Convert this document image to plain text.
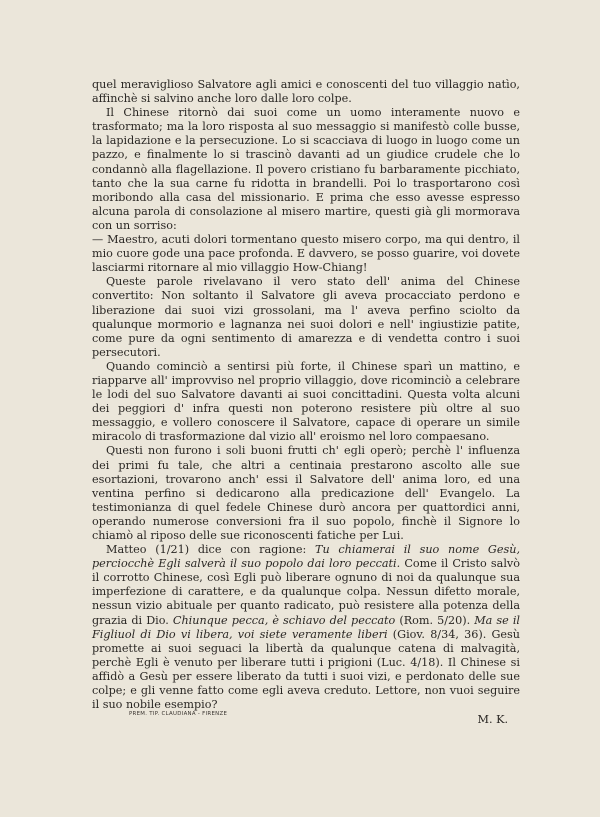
quel meraviglioso Salvatore agli amici e conoscenti del tuo villaggio natìo, affinchè si salvino anche loro dalle loro colpe.

Il Chinese ritornò dai suoi come un uomo interamente nuovo e trasformato; ma la loro risposta al suo messaggio si manifestò colle busse, la lapidazione e la persecuzione. Lo si scacciava di luogo in luogo come un pazzo, e finalmente lo si trascinò davanti ad un giudice crudele che lo condannò alla flagellazione. Il povero cristiano fu barbaramente picchiato, tanto che la sua carne fu ridotta in brandelli. Poi lo trasportarono così moribondo alla casa del missionario. E prima che esso avesse espresso alcuna parola di consolazione al misero martire, questi già gli mormorava con un sorriso:

— Maestro, acuti dolori tormentano questo misero corpo, ma qui dentro, il mio cuore gode una pace profonda. E davvero, se posso guarire, voi dovete lasciarmi ritornare al mio villaggio How-Chiang!

Queste parole rivelavano il vero stato dell' anima del Chinese convertito: Non soltanto il Salvatore gli aveva procacciato perdono e liberazione dai suoi vizi grossolani, ma l' aveva perfino sciolto da qualunque mormorio e lagnanza nei suoi dolori e nell' ingiustizie patite, come pure da ogni sentimento di amarezza e di vendetta contro i suoi persecutori.

Quando cominciò a sentirsi più forte, il Chinese sparì un mattino, e riapparve all' improvviso nel proprio villaggio, dove ricominciò a celebrare le lodi del suo Salvatore davanti ai suoi concittadini. Questa volta alcuni dei peggiori d' infra questi non poterono resistere più oltre al suo messaggio, e vollero conoscere il Salvatore, capace di operare un simile miracolo di trasformazione dal vizio all' eroismo nel loro compaesano.

Questi non furono i soli buoni frutti ch' egli operò; perchè l' influenza dei primi fu tale, che altri a centinaia prestarono ascolto alle sue esortazioni, trovarono anch' essi il Salvatore dell' anima loro, ed una ventina perfino si dedicarono alla predicazione dell' Evangelo. La testimonianza di quel fedele Chinese durò ancora per quattordici anni, operando numerose conversioni fra il suo popolo, finchè il Signore lo chiamò al riposo delle sue riconoscenti fatiche per Lui.

Matteo (1/21) dice con ragione: Tu chiamerai il suo nome Gesù, perciocchè Egli salverà il suo popolo dai loro peccati. Come il Cristo salvò il corrotto Chinese, così Egli può liberare ognuno di noi da qualunque sua imperfezione di carattere, e da qualunque colpa. Nessun difetto morale, nessun vizio abituale per quanto radicato, può resistere alla potenza della grazia di Dio. Chiunque pecca, è schiavo del peccato (Rom. 5/20). Ma se il Figliuol di Dio vi libera, voi siete veramente liberi (Giov. 8/34, 36). Gesù promette ai suoi seguaci la libertà da qualunque catena di malvagità, perchè Egli è venuto per liberare tutti i prigioni (Luc. 4/18). Il Chinese si affidò a Gesù per essere liberato da tutti i suoi vizi, e perdonato delle sue colpe; e gli venne fatto come egli aveva creduto. Lettore, non vuoi seguire il suo nobile esempio?

M. K.
PREM. TIP. CLAUDIANA - FIRENZE
